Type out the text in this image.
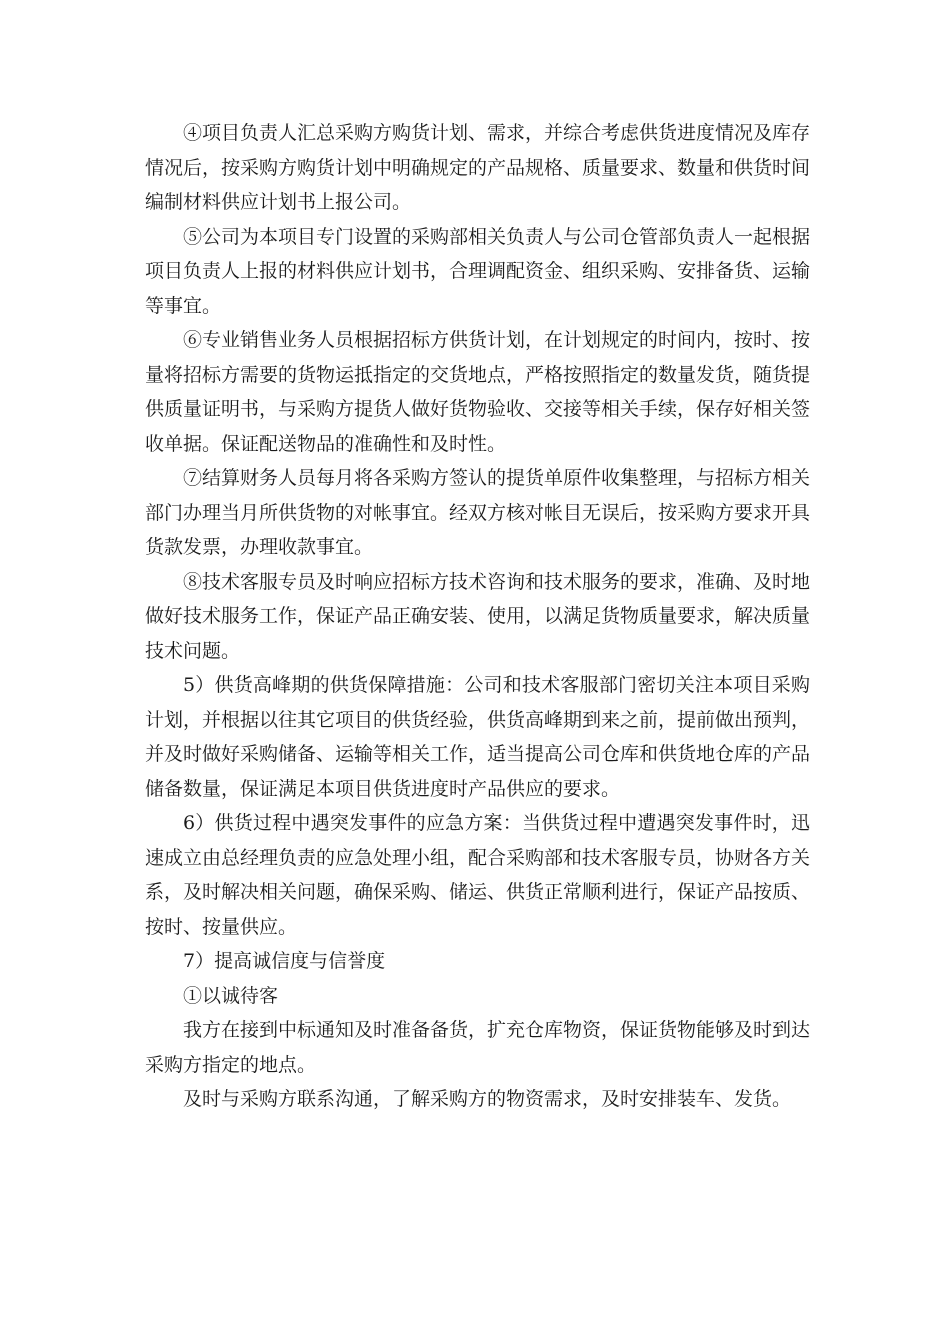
④项目负责人汇总采购方购货计划、需求，并综合考虑供货进度情况及库存情况后，按采购方购货计划中明确规定的产品规格、质量要求、数量和供货时间编制材料供应计划书上报公司。

⑤公司为本项目专门设置的采购部相关负责人与公司仓管部负责人一起根据项目负责人上报的材料供应计划书，合理调配资金、组织采购、安排备货、运输等事宜。

⑥专业销售业务人员根据招标方供货计划，在计划规定的时间内，按时、按量将招标方需要的货物运抵指定的交货地点，严格按照指定的数量发货，随货提供质量证明书，与采购方提货人做好货物验收、交接等相关手续，保存好相关签收单据。保证配送物品的准确性和及时性。

⑦结算财务人员每月将各采购方签认的提货单原件收集整理，与招标方相关部门办理当月所供货物的对帐事宜。经双方核对帐目无误后，按采购方要求开具货款发票，办理收款事宜。

⑧技术客服专员及时响应招标方技术咨询和技术服务的要求，准确、及时地做好技术服务工作，保证产品正确安装、使用，以满足货物质量要求，解决质量技术问题。

5）供货高峰期的供货保障措施：公司和技术客服部门密切关注本项目采购计划，并根据以往其它项目的供货经验，供货高峰期到来之前，提前做出预判，并及时做好采购储备、运输等相关工作，适当提高公司仓库和供货地仓库的产品储备数量，保证满足本项目供货进度时产品供应的要求。

6）供货过程中遇突发事件的应急方案：当供货过程中遭遇突发事件时，迅速成立由总经理负责的应急处理小组，配合采购部和技术客服专员，协财各方关系，及时解决相关问题，确保采购、储运、供货正常顺利进行，保证产品按质、按时、按量供应。

7）提高诚信度与信誉度

①以诚待客

我方在接到中标通知及时准备备货，扩充仓库物资，保证货物能够及时到达采购方指定的地点。

及时与采购方联系沟通，了解采购方的物资需求，及时安排装车、发货。
